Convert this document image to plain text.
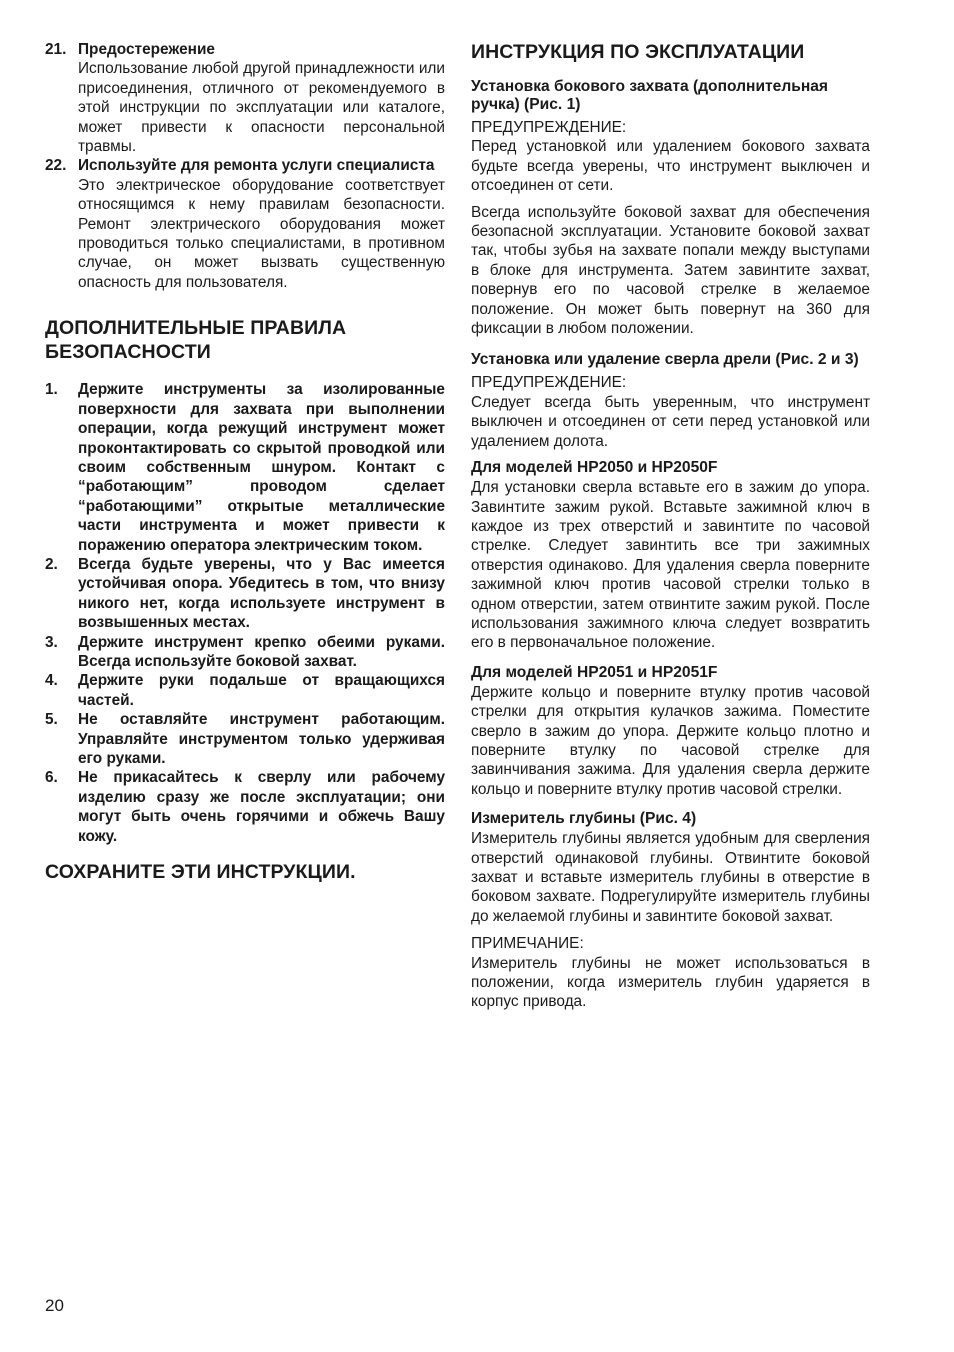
21. Предостережение

Использование любой другой принадлежности или присоединения, отличного от рекомендуемого в этой инструкции по эксплуатации или каталоге, может привести к опасности персональной травмы.

22. Используйте для ремонта услуги специалиста

Это электрическое оборудование соответствует относящимся к нему правилам безопасности. Ремонт электрического оборудования может проводиться только специалистами, в противном случае, он может вызвать существенную опасность для пользователя.

ДОПОЛНИТЕЛЬНЫЕ ПРАВИЛА БЕЗОПАСНОСТИ
1.	Держите инструменты за изолированные поверхности для захвата при выполнении операции, когда режущий инструмент может проконтактировать со скрытой проводкой или своим собственным шнуром. Контакт с “работающим” проводом сделает “работающими” открытые металлические части инструмента и может привести к поражению оператора электрическим током.

2.	Всегда будьте уверены, что у Вас имеется устойчивая опора. Убедитесь в том, что внизу никого нет, когда используете инструмент в возвышенных местах.

3.	Держите инструмент крепко обеими руками. Всегда используйте боковой захват.

4.	Держите руки подальше от вращающихся частей.

5.	Не оставляйте инструмент работающим. Управляйте инструментом только удерживая его руками.

6.	Не прикасайтесь к сверлу или рабочему изделию сразу же после эксплуатации; они могут быть очень горячими и обжечь Вашу кожу.

СОХРАНИТЕ ЭТИ ИНСТРУКЦИИ.
ИНСТРУКЦИЯ ПО ЭКСПЛУАТАЦИИ
Установка бокового захвата (дополнительная ручка) (Рис. 1)

ПРЕДУПРЕЖДЕНИЕ:

Перед установкой или удалением бокового захвата будьте всегда уверены, что инструмент выключен и отсоединен от сети.

Всегда используйте боковой захват для обеспечения безопасной эксплуатации. Установите боковой захват так, чтобы зубья на захвате попали между выступами в блоке для инструмента. Затем завинтите захват, повернув его по часовой стрелке в желаемое положение. Он может быть повернут на 360 для фиксации в любом положении.

Установка или удаление сверла дрели (Рис. 2 и 3)

ПРЕДУПРЕЖДЕНИЕ:

Следует всегда быть уверенным, что инструмент выключен и отсоединен от сети перед установкой или удалением долота.

Для моделей HP2050 и HP2050F

Для установки сверла вставьте его в зажим до упора. Завинтите зажим рукой. Вставьте зажимной ключ в каждое из трех отверстий и завинтите по часовой стрелке. Следует завинтить все три зажимных отверстия одинаково. Для удаления сверла поверните зажимной ключ против часовой стрелки только в одном отверстии, затем отвинтите зажим рукой. После использования зажимного ключа следует возвратить его в первоначальное положение.

Для моделей HP2051 и HP2051F

Держите кольцо и поверните втулку против часовой стрелки для открытия кулачков зажима. Поместите сверло в зажим до упора. Держите кольцо плотно и поверните втулку по часовой стрелке для завинчивания зажима. Для удаления сверла держите кольцо и поверните втулку против часовой стрелки.

Измеритель глубины (Рис. 4)

Измеритель глубины является удобным для сверления отверстий одинаковой глубины. Отвинтите боковой захват и вставьте измеритель глубины в отверстие в боковом захвате. Подрегулируйте измеритель глубины до желаемой глубины и завинтите боковой захват.

ПРИМЕЧАНИЕ:

Измеритель глубины не может использоваться в положении, когда измеритель глубин ударяется в корпус привода.

20
